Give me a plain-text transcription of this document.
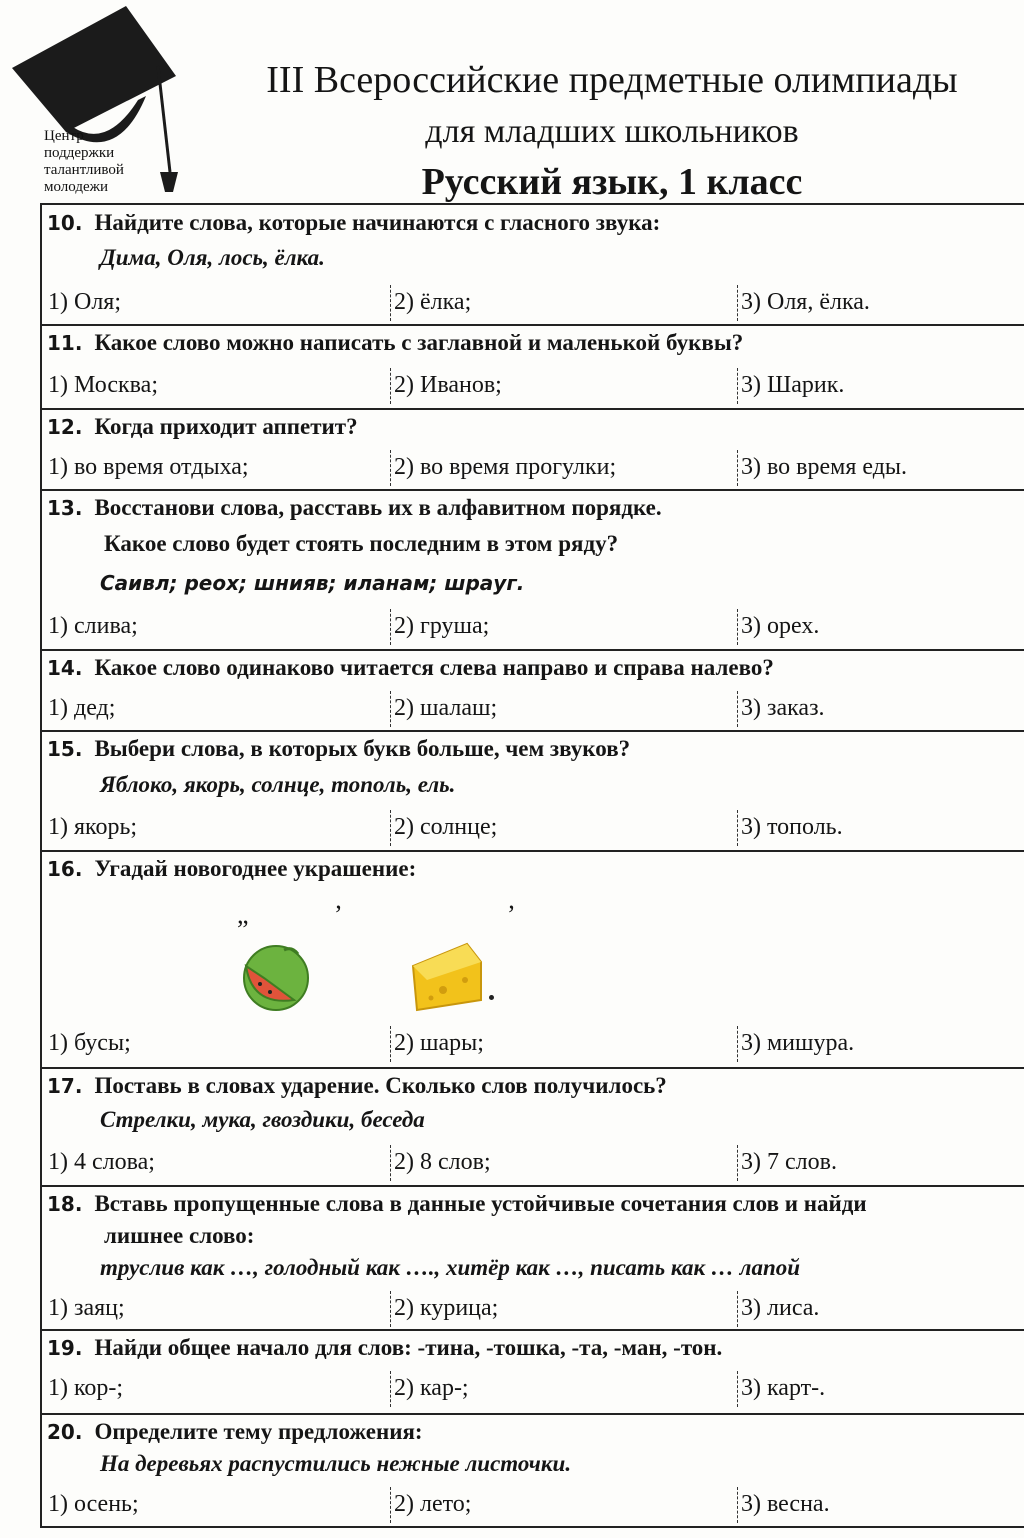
Центр
поддержки
талантливой
молодежи
III Всероссийские предметные олимпиады
для младших школьников
Русский язык, 1 класс
10. Найдите слова, которые начинаются с гласного звука:
Дима, Оля, лось, ёлка.
1) Оля;	2) ёлка;	3) Оля, ёлка.
11. Какое слово можно написать с заглавной и маленькой буквы?
1) Москва;	2) Иванов;	3) Шарик.
12. Когда приходит аппетит?
1) во время отдыха;	2) во время прогулки;	3) во время еды.
13. Восстанови слова, расставь их в алфавитном порядке.
Какое слово будет стоять последним в этом ряду?
Саивл; реох; шнияв; иланам; шрауг.
1) слива;	2) груша;	3) орех.
14. Какое слово одинаково читается слева направо и справа налево?
1) дед;	2) шалаш;	3) заказ.
15. Выбери слова, в которых букв больше, чем звуков?
Яблоко, якорь, солнце, тополь, ель.
1) якорь;	2) солнце;	3) тополь.
16. Угадай новогоднее украшение:
„	’	’
1) бусы;	2) шары;	3) мишура.
17. Поставь в словах ударение. Сколько слов получилось?
Стрелки, мука, гвоздики, беседа
1) 4 слова;	2) 8 слов;	3) 7 слов.
18. Вставь пропущенные слова в данные устойчивые сочетания слов и найди
лишнее слово:
труслив как …, голодный как …., хитёр как …, писать как … лапой
1) заяц;	2) курица;	3) лиса.
19. Найди общее начало для слов: -тина, -тошка, -та, -ман, -тон.
1) кор-;	2) кар-;	3) карт-.
20. Определите тему предложения:
На деревьях распустились нежные листочки.
1) осень;	2) лето;	3) весна.
